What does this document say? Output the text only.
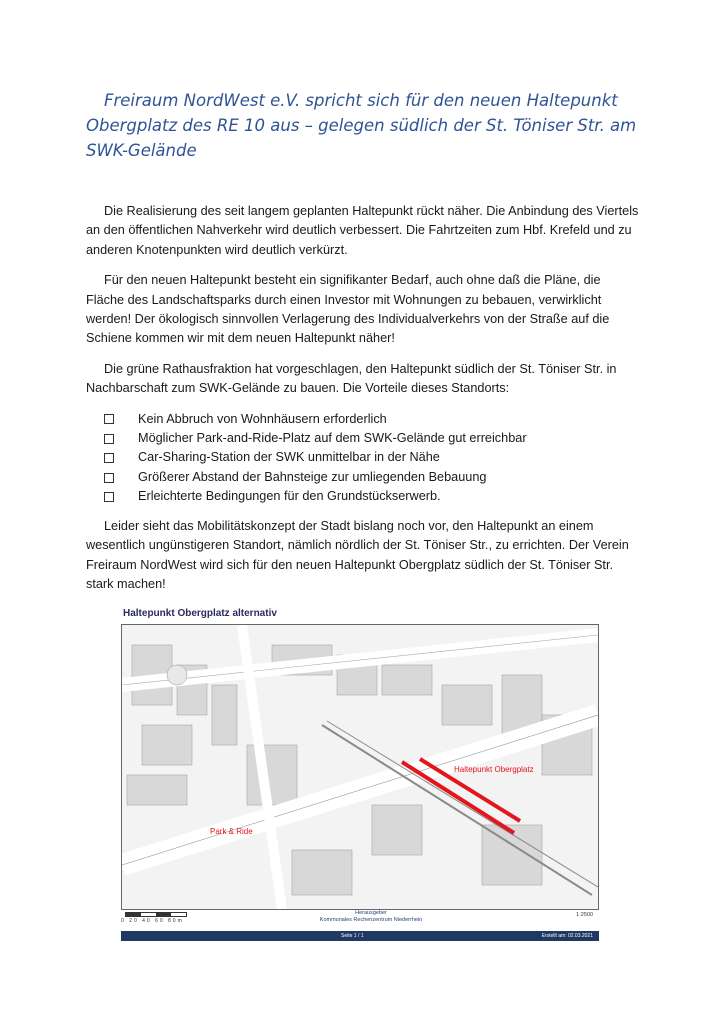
Freiraum NordWest e.V. spricht sich für den neuen Haltepunkt Obergplatz des RE 10 aus – gelegen südlich der St. Töniser Str. am SWK-Gelände

Die Realisierung des seit langem geplanten Haltepunkt rückt näher. Die Anbindung des Viertels an den öffentlichen Nahverkehr wird deutlich verbessert. Die Fahrtzeiten zum Hbf. Krefeld und zu anderen Knotenpunkten wird deutlich verkürzt.

Für den neuen Haltepunkt besteht ein signifikanter Bedarf, auch ohne daß die Pläne, die Fläche des Landschaftsparks durch einen Investor mit Wohnungen zu bebauen, verwirklicht werden! Der ökologisch sinnvollen Verlagerung des Individualverkehrs von der Straße auf die Schiene kommen wir mit dem neuen Haltepunkt näher!

Die grüne Rathausfraktion hat vorgeschlagen, den Haltepunkt südlich der St. Töniser Str. in Nachbarschaft zum SWK-Gelände zu bauen. Die Vorteile dieses Standorts:

Kein Abbruch von Wohnhäusern erforderlich
Möglicher Park-and-Ride-Platz auf dem SWK-Gelände gut erreichbar
Car-Sharing-Station der SWK unmittelbar in der Nähe
Größerer Abstand der Bahnsteige zur umliegenden Bebauung
Erleichterte Bedingungen für den Grundstückserwerb.

Leider sieht das Mobilitätskonzept der Stadt bislang noch vor, den Haltepunkt an einem wesentlich ungünstigeren Standort, nämlich nördlich der St. Töniser Str., zu errichten. Der Verein Freiraum NordWest wird sich für den neuen Haltepunkt Obergplatz südlich der St. Töniser Str. stark machen!

Haltepunkt Obergplatz alternativ
Haltepunkt Obergplatz
Park & Ride
0 20 40 60 80m
Herausgeber
Kommunales Rechenzentrum Niederrhein
1:2500
Seite 1 / 1	Erstellt am: 02.03.2021
